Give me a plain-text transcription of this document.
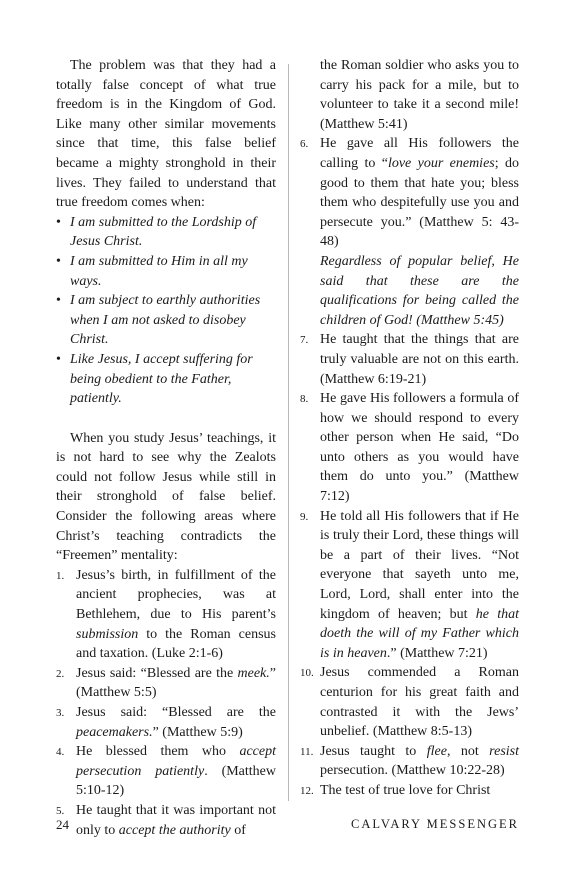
The problem was that they had a totally false concept of what true freedom is in the Kingdom of God. Like many other similar movements since that time, this false belief became a mighty stronghold in their lives. They failed to understand that true freedom comes when:

• I am submitted to the Lordship of Jesus Christ.
• I am submitted to Him in all my ways.
• I am subject to earthly authorities when I am not asked to disobey Christ.
• Like Jesus, I accept suffering for being obedient to the Father, patiently.

When you study Jesus’ teachings, it is not hard to see why the Zealots could not follow Jesus while still in their stronghold of false belief. Consider the following areas where Christ’s teaching contradicts the “Freemen” mentality:

1. Jesus’s birth, in fulfillment of the ancient prophecies, was at Bethlehem, due to His parent’s submission to the Roman census and taxation. (Luke 2:1-6)
2. Jesus said: “Blessed are the meek.” (Matthew 5:5)
3. Jesus said: “Blessed are the peacemakers.” (Matthew 5:9)
4. He blessed them who accept persecution patiently. (Matthew 5:10-12)
5. He taught that it was important not only to accept the authority of

the Roman soldier who asks you to carry his pack for a mile, but to volunteer to take it a second mile! (Matthew 5:41)

6. He gave all His followers the calling to “love your enemies; do good to them that hate you; bless them who despitefully use you and persecute you.” (Matthew 5: 43-48)

Regardless of popular belief, He said that these are the qualifications for being called the children of God! (Matthew 5:45)

7. He taught that the things that are truly valuable are not on this earth. (Matthew 6:19-21)
8. He gave His followers a formula of how we should respond to every other person when He said, “Do unto others as you would have them do unto you.” (Matthew 7:12)
9. He told all His followers that if He is truly their Lord, these things will be a part of their lives. “Not everyone that sayeth unto me, Lord, Lord, shall enter into the kingdom of heaven; but he that doeth the will of my Father which is in heaven.” (Matthew 7:21)
10. Jesus commended a Roman centurion for his great faith and contrasted it with the Jews’ unbelief. (Matthew 8:5-13)
11. Jesus taught to flee, not resist persecution. (Matthew 10:22-28)
12. The test of true love for Christ
24	CALVARY MESSENGER
